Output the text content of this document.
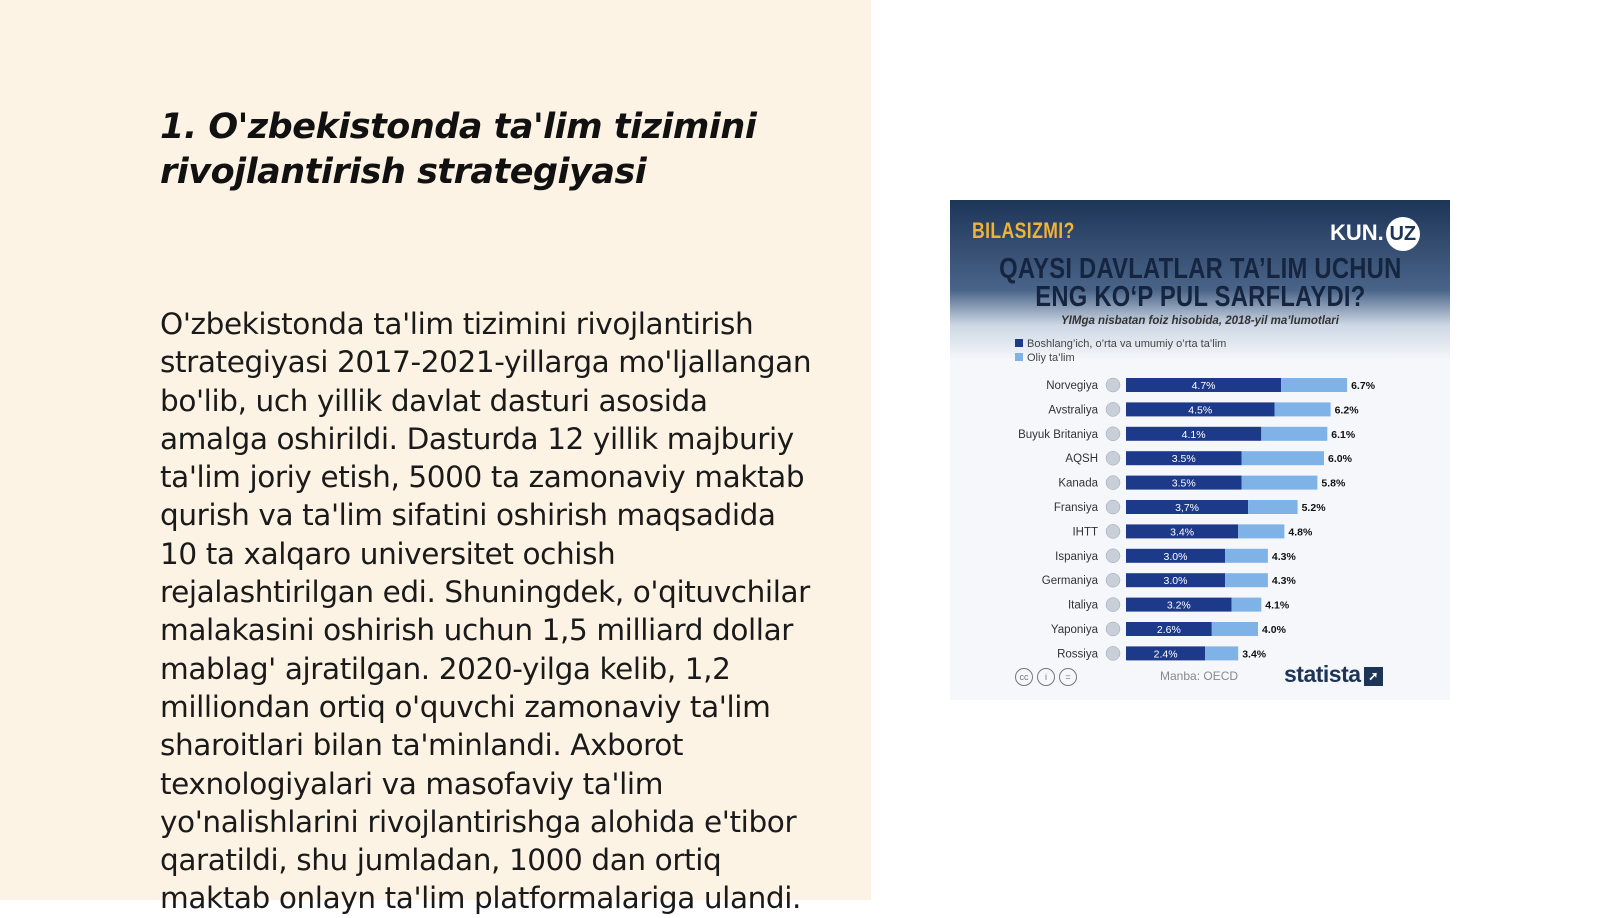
1. O'zbekistonda ta'lim tizimini
rivojlantirish strategiyasi

O'zbekistonda ta'lim tizimini rivojlantirish
strategiyasi 2017-2021-yillarga mo'ljallangan
bo'lib, uch yillik davlat dasturi asosida
amalga oshirildi. Dasturda 12 yillik majburiy
ta'lim joriy etish, 5000 ta zamonaviy maktab
qurish va ta'lim sifatini oshirish maqsadida
10 ta xalqaro universitet ochish
rejalashtirilgan edi. Shuningdek, o'qituvchilar
malakasini oshirish uchun 1,5 milliard dollar
mablag' ajratilgan. 2020-yilga kelib, 1,2
milliondan ortiq o'quvchi zamonaviy ta'lim
sharoitlari bilan ta'minlandi. Axborot
texnologiyalari va masofaviy ta'lim
yo'nalishlarini rivojlantirishga alohida e'tibor
qaratildi, shu jumladan, 1000 dan ortiq
maktab onlayn ta'lim platformalariga ulandi.

BILASIZMI?	KUN. UZ
QAYSI DAVLATLAR TA’LIM UCHUN
ENG KO‘P PUL SARFLAYDI?
YIMga nisbatan foiz hisobida, 2018-yil ma’lumotlari
Boshlang’ich, o’rta va umumiy o’rta ta’lim
Oliy ta’lim
Norvegiya	4.7%	6.7%
Avstraliya	4.5%	6.2%
Buyuk Britaniya	4.1%	6.1%
AQSH	3.5%	6.0%
Kanada	3.5%	5.8%
Fransiya	3,7%	5.2%
IHTT	3.4%	4.8%
Ispaniya	3.0%	4.3%
Germaniya	3.0%	4.3%
Italiya	3.2%	4.1%
Yaponiya	2.6%	4.0%
Rossiya	2.4%	3.4%
cc i =	Manba: OECD statista ➚
